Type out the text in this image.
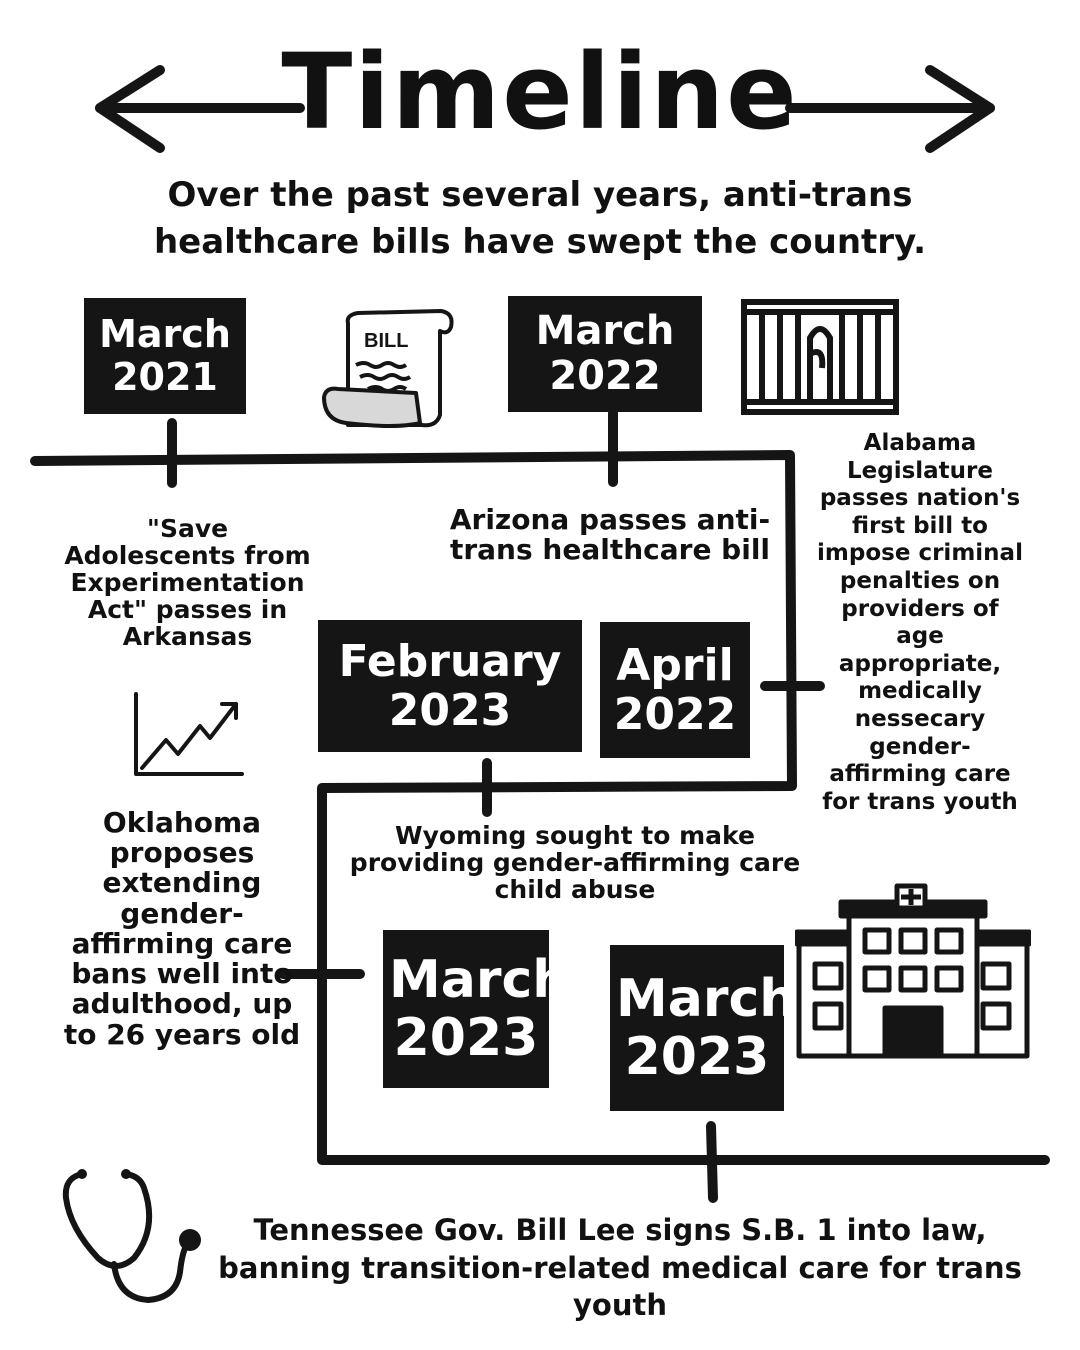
Timeline
Over the past several years, anti-trans healthcare bills have swept the country.
March
2021
"Save Adolescents from Experimentation Act" passes in Arkansas
March
2022
Arizona passes anti-trans healthcare bill
April
2022
Alabama Legislature passes nation's first bill to impose criminal penalties on providers of age appropriate, medically nessecary gender-affirming care for trans youth
February
2023
Wyoming sought to make providing gender-affirming care child abuse
March
2023
Oklahoma proposes extending gender-affirming care bans well into adulthood, up to 26 years old
March
2023
Tennessee Gov. Bill Lee signs S.B. 1 into law, banning transition-related medical care for trans youth
BILL
